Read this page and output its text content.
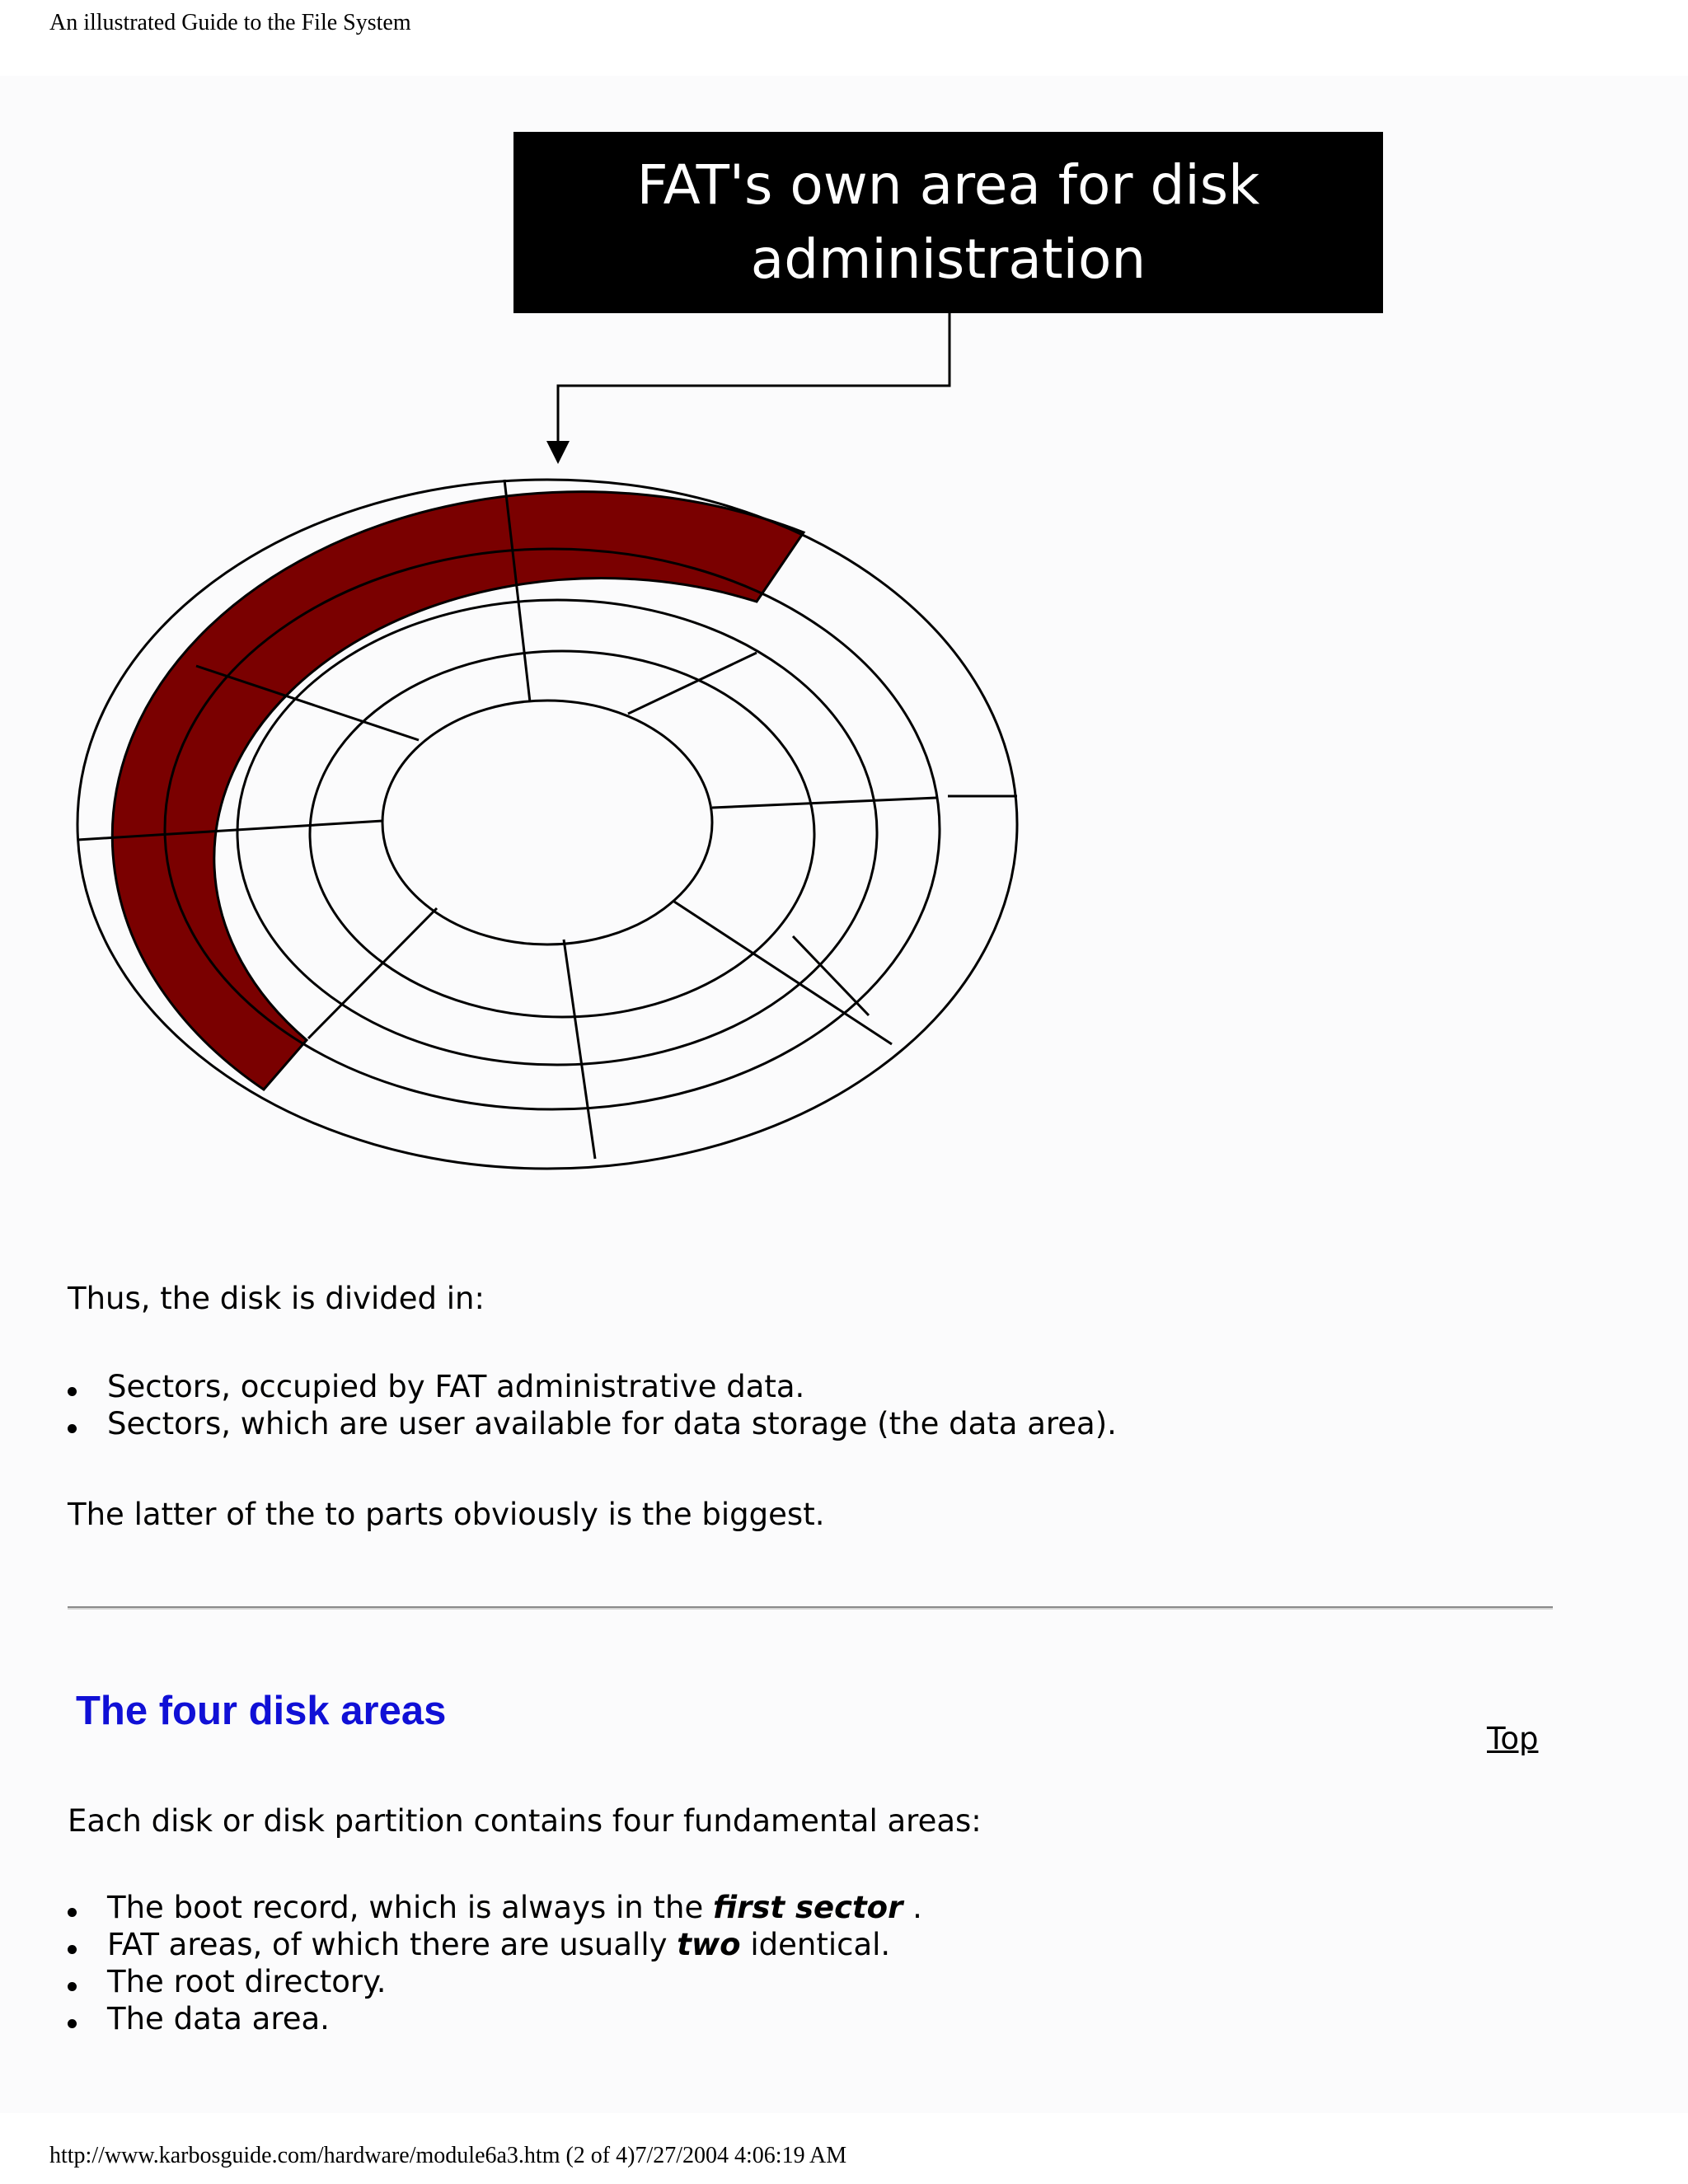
An illustrated Guide to the File System
FAT's own area for disk administration
Thus, the disk is divided in:
Sectors, occupied by FAT administrative data.
Sectors, which are user available for data storage (the data area).
The latter of the to parts obviously is the biggest.
The four disk areas
Top
Each disk or disk partition contains four fundamental areas:
The boot record, which is always in the first sector .
FAT areas, of which there are usually two identical.
The root directory.
The data area.
http://www.karbosguide.com/hardware/module6a3.htm (2 of 4)7/27/2004 4:06:19 AM
